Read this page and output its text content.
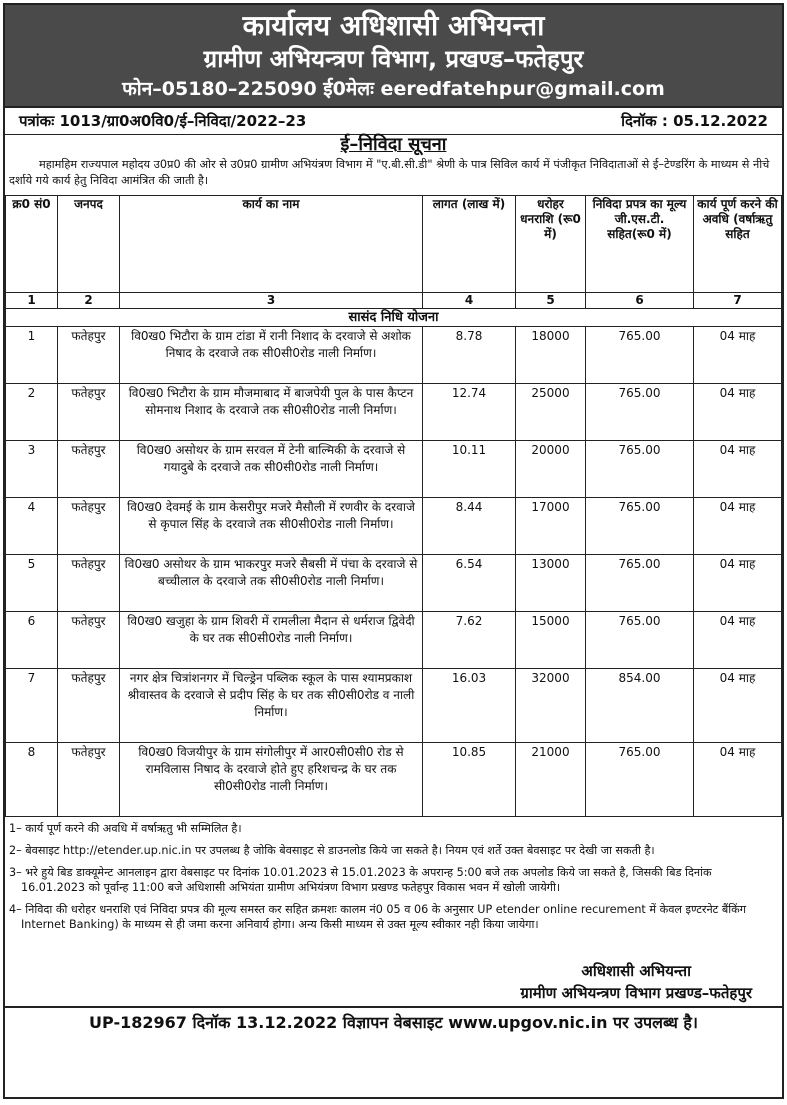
कार्यालय अधिशासी अभियन्ता
ग्रामीण अभियन्त्रण विभाग, प्रखण्ड–फतेहपुर
फोन–05180–225090 ई0मेलः eeredfatehpur@gmail.com
पत्रांकः 1013/ग्रा0अ0वि0/ई–निविदा/2022–23	दिनॉक : 05.12.2022
ई–निविदा सूचना
महामहिम राज्यपाल महोदय उ0प्र0 की ओर से उ0प्र0 ग्रामीण अभियंत्रण विभाग में "ए.बी.सी.डी" श्रेणी के पात्र सिविल कार्य में पंजीकृत निविदाताओं से ई–टेण्डरिंग के माध्यम से नीचे दर्शाये गये कार्य हेतु निविदा आमंत्रित की जाती है।
क्र0 सं0	जनपद	कार्य का नाम	लागत (लाख में)	धरोहर धनराशि (रू0 में)	निविदा प्रपत्र का मूल्य जी.एस.टी. सहित(रू0 में)	कार्य पूर्ण करने की अवधि (वर्षाऋतु सहित
1	2	3	4	5	6	7
सासंद निधि योजना						
1	फतेहपुर	वि0ख0 भिटौरा के ग्राम टांडा में रानी निशाद के दरवाजे से अशोक निषाद के दरवाजे तक सी0सी0रोड नाली निर्माण।	8.78	18000	765.00	04 माह
2	फतेहपुर	वि0ख0 भिटौरा के ग्राम मौजमाबाद में बाजपेयी पुल के पास कैप्टन सोमनाथ निशाद के दरवाजे तक सी0सी0रोड नाली निर्माण।	12.74	25000	765.00	04 माह
3	फतेहपुर	वि0ख0 असोथर के ग्राम सरवल में टेनी बाल्मिकी के दरवाजे से गयादुबे के दरवाजे तक सी0सी0रोड नाली निर्माण।	10.11	20000	765.00	04 माह
4	फतेहपुर	वि0ख0 देवमई के ग्राम केसरीपुर मजरे मैसौली में रणवीर के दरवाजे से कृपाल सिंह के दरवाजे तक सी0सी0रोड नाली निर्माण।	8.44	17000	765.00	04 माह
5	फतेहपुर	वि0ख0 असोथर के ग्राम भाकरपुर मजरे सैबसी में पंचा के दरवाजे से बच्चीलाल के दरवाजे तक सी0सी0रोड नाली निर्माण।	6.54	13000	765.00	04 माह
6	फतेहपुर	वि0ख0 खजुहा के ग्राम शिवरी में रामलीला मैदान से धर्मराज द्विवेदी के घर तक सी0सी0रोड नाली निर्माण।	7.62	15000	765.00	04 माह
7	फतेहपुर	नगर क्षेत्र चित्रांशनगर में चिल्ड्रेन पब्लिक स्कूल के पास श्यामप्रकाश श्रीवास्तव के दरवाजे से प्रदीप सिंह के घर तक सी0सी0रोड व नाली निर्माण।	16.03	32000	854.00	04 माह
8	फतेहपुर	वि0ख0 विजयीपुर के ग्राम संगोलीपुर में आर0सी0सी0 रोड से रामविलास निषाद के दरवाजे होते हुए हरिशचन्द्र के घर तक सी0सी0रोड नाली निर्माण।	10.85	21000	765.00	04 माह

1– कार्य पूर्ण करने की अवधि में वर्षाऋतु भी सम्मिलित है।

2– बेवसाइट http://etender.up.nic.in पर उपलब्ध है जोकि बेवसाइट से डाउनलोड किये जा सकते है। नियम एवं शर्ते उक्त बेवसाइट पर देखी जा सकती है।

3– भरे हुये बिड डाक्यूमेन्ट आनलाइन द्वारा वेबसाइट पर दिनांक 10.01.2023 से 15.01.2023 के अपरान्ह 5:00 बजे तक अपलोड किये जा सकते है, जिसकी बिड दिनांक 16.01.2023 को पूर्वान्ह 11:00 बजे अधिशासी अभियंता ग्रामीण अभियंत्रण विभाग प्रखण्ड फतेहपुर विकास भवन में खोली जायेगी।

4– निविदा की धरोहर धनराशि एवं निविदा प्रपत्र की मूल्य समस्त कर सहित क्रमशः कालम नं0 05 व 06 के अनुसार UP etender online recurement में केवल इण्टरनेट बैंकिंग Internet Banking) के माध्यम से ही जमा करना अनिवार्य होगा। अन्य किसी माध्यम से उक्त मूल्य स्वीकार नही किया जायेगा।

अधिशासी अभियन्ता
ग्रामीण अभियन्त्रण विभाग प्रखण्ड–फतेहपुर
UP-182967 दिनॉक 13.12.2022 विज्ञापन वेबसाइट www.upgov.nic.in पर उपलब्ध है।
